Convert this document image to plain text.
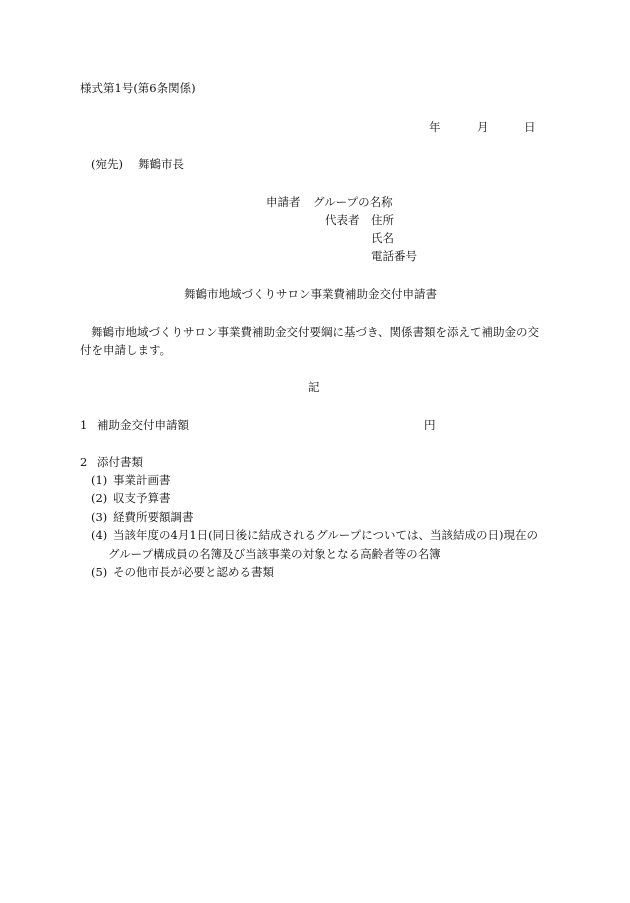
様式第1号(第6条関係)
年	月	日
(宛先) 舞鶴市長
申請者 グループの名称
代表者 住所
氏名
電話番号
舞鶴市地域づくりサロン事業費補助金交付申請書
舞鶴市地域づくりサロン事業費補助金交付要綱に基づき、関係書類を添えて補助金の交
付を申請します。
記
1 補助金交付申請額	円
2 添付書類
(1) 事業計画書
(2) 収支予算書
(3) 経費所要額調書
(4) 当該年度の4月1日(同日後に結成されるグループについては、当該結成の日)現在の
グループ構成員の名簿及び当該事業の対象となる高齢者等の名簿
(5) その他市長が必要と認める書類
